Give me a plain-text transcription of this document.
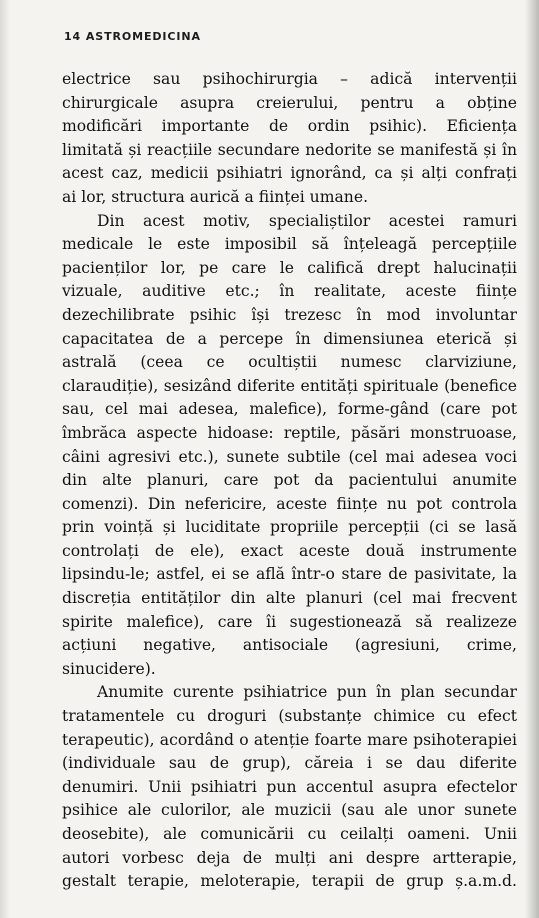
14 ASTROMEDICINA
electrice sau psihochirurgia – adică intervenții
chirurgicale asupra creierului, pentru a obține
modificări importante de ordin psihic). Eficiența
limitată și reacțiile secundare nedorite se manifestă și în
acest caz, medicii psihiatri ignorând, ca și alți confrați
ai lor, structura aurică a ființei umane.
Din acest motiv, specialiștilor acestei ramuri
medicale le este imposibil să înțeleagă percepțiile
pacienților lor, pe care le califică drept halucinații
vizuale, auditive etc.; în realitate, aceste ființe
dezechilibrate psihic își trezesc în mod involuntar
capacitatea de a percepe în dimensiunea eterică și
astrală (ceea ce ocultiștii numesc clarviziune,
claraudiție), sesizând diferite entități spirituale (benefice
sau, cel mai adesea, malefice), forme-gând (care pot
îmbrăca aspecte hidoase: reptile, păsări monstruoase,
câini agresivi etc.), sunete subtile (cel mai adesea voci
din alte planuri, care pot da pacientului anumite
comenzi). Din nefericire, aceste ființe nu pot controla
prin voință și luciditate propriile percepții (ci se lasă
controlați de ele), exact aceste două instrumente
lipsindu-le; astfel, ei se află într-o stare de pasivitate, la
discreția entităților din alte planuri (cel mai frecvent
spirite malefice), care îi sugestionează să realizeze
acțiuni negative, antisociale (agresiuni, crime,
sinucidere).
Anumite curente psihiatrice pun în plan secundar
tratamentele cu droguri (substanțe chimice cu efect
terapeutic), acordând o atenție foarte mare psihoterapiei
(individuale sau de grup), căreia i se dau diferite
denumiri. Unii psihiatri pun accentul asupra efectelor
psihice ale culorilor, ale muzicii (sau ale unor sunete
deosebite), ale comunicării cu ceilalți oameni. Unii
autori vorbesc deja de mulți ani despre artterapie,
gestalt terapie, meloterapie, terapii de grup ș.a.m.d.
